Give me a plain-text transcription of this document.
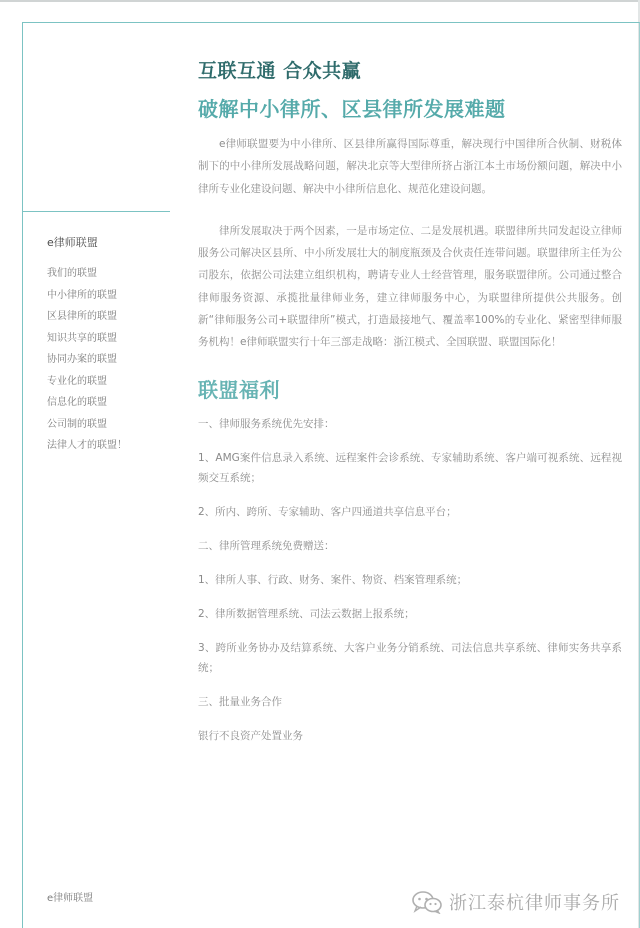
e律师联盟
我们的联盟
中小律所的联盟
区县律所的联盟
知识共享的联盟
协同办案的联盟
专业化的联盟
信息化的联盟
公司制的联盟
法律人才的联盟！
e律师联盟
互联互通 合众共赢
破解中小律所、区县律所发展难题

e律师联盟要为中小律所、区县律所赢得国际尊重，解决现行中国律所合伙制、财税体制下的中小律所发展战略问题，解决北京等大型律所挤占浙江本土市场份额问题，解决中小律所专业化建设问题、解决中小律所信息化、规范化建设问题。

律所发展取决于两个因素，一是市场定位、二是发展机遇。联盟律所共同发起设立律师服务公司解决区县所、中小所发展壮大的制度瓶颈及合伙责任连带问题。联盟律所主任为公司股东，依据公司法建立组织机构，聘请专业人士经营管理，服务联盟律所。公司通过整合律师服务资源、承揽批量律师业务，建立律师服务中心，为联盟律所提供公共服务。创新“律师服务公司+联盟律所”模式，打造最接地气、覆盖率100%的专业化、紧密型律师服务机构！e律师联盟实行十年三部走战略：浙江模式、全国联盟、联盟国际化！

联盟福利

一、律师服务系统优先安排：

1、AMG案件信息录入系统、远程案件会诊系统、专家辅助系统、客户端可视系统、远程视频交互系统；

2、所内、跨所、专家辅助、客户四通道共享信息平台；

二、律所管理系统免费赠送：

1、律所人事、行政、财务、案件、物资、档案管理系统；

2、律所数据管理系统、司法云数据上报系统；

3、跨所业务协办及结算系统、大客户业务分销系统、司法信息共享系统、律师实务共享系统；

三、批量业务合作

银行不良资产处置业务

浙江泰杭律师事务所
